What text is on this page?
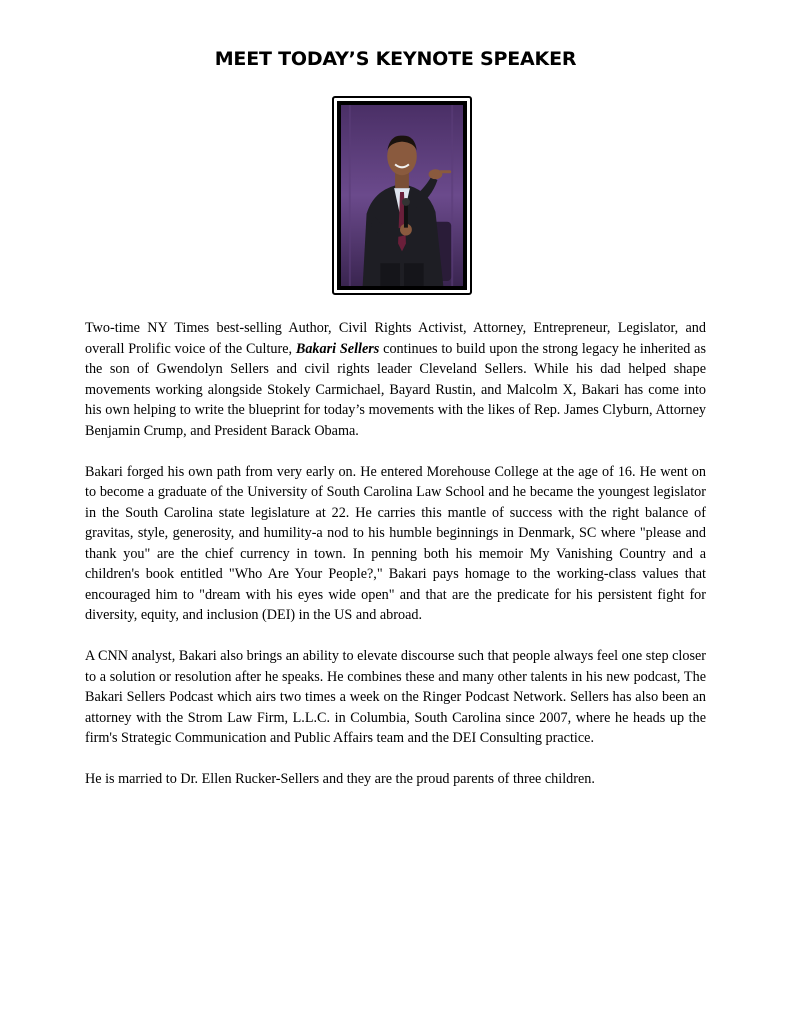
MEET TODAY’S KEYNOTE SPEAKER

Two-time NY Times best-selling Author, Civil Rights Activist, Attorney, Entrepreneur, Legislator, and overall Prolific voice of the Culture, Bakari Sellers continues to build upon the strong legacy he inherited as the son of Gwendolyn Sellers and civil rights leader Cleveland Sellers. While his dad helped shape movements working alongside Stokely Carmichael, Bayard Rustin, and Malcolm X, Bakari has come into his own helping to write the blueprint for today’s movements with the likes of Rep. James Clyburn, Attorney Benjamin Crump, and President Barack Obama.

Bakari forged his own path from very early on. He entered Morehouse College at the age of 16. He went on to become a graduate of the University of South Carolina Law School and he became the youngest legislator in the South Carolina state legislature at 22. He carries this mantle of success with the right balance of gravitas, style, generosity, and humility-a nod to his humble beginnings in Denmark, SC where "please and thank you" are the chief currency in town. In penning both his memoir My Vanishing Country and a children's book entitled "Who Are Your People?," Bakari pays homage to the working-class values that encouraged him to "dream with his eyes wide open" and that are the predicate for his persistent fight for diversity, equity, and inclusion (DEI) in the US and abroad.

A CNN analyst, Bakari also brings an ability to elevate discourse such that people always feel one step closer to a solution or resolution after he speaks. He combines these and many other talents in his new podcast, The Bakari Sellers Podcast which airs two times a week on the Ringer Podcast Network. Sellers has also been an attorney with the Strom Law Firm, L.L.C. in Columbia, South Carolina since 2007, where he heads up the firm's Strategic Communication and Public Affairs team and the DEI Consulting practice.

He is married to Dr. Ellen Rucker-Sellers and they are the proud parents of three children.
